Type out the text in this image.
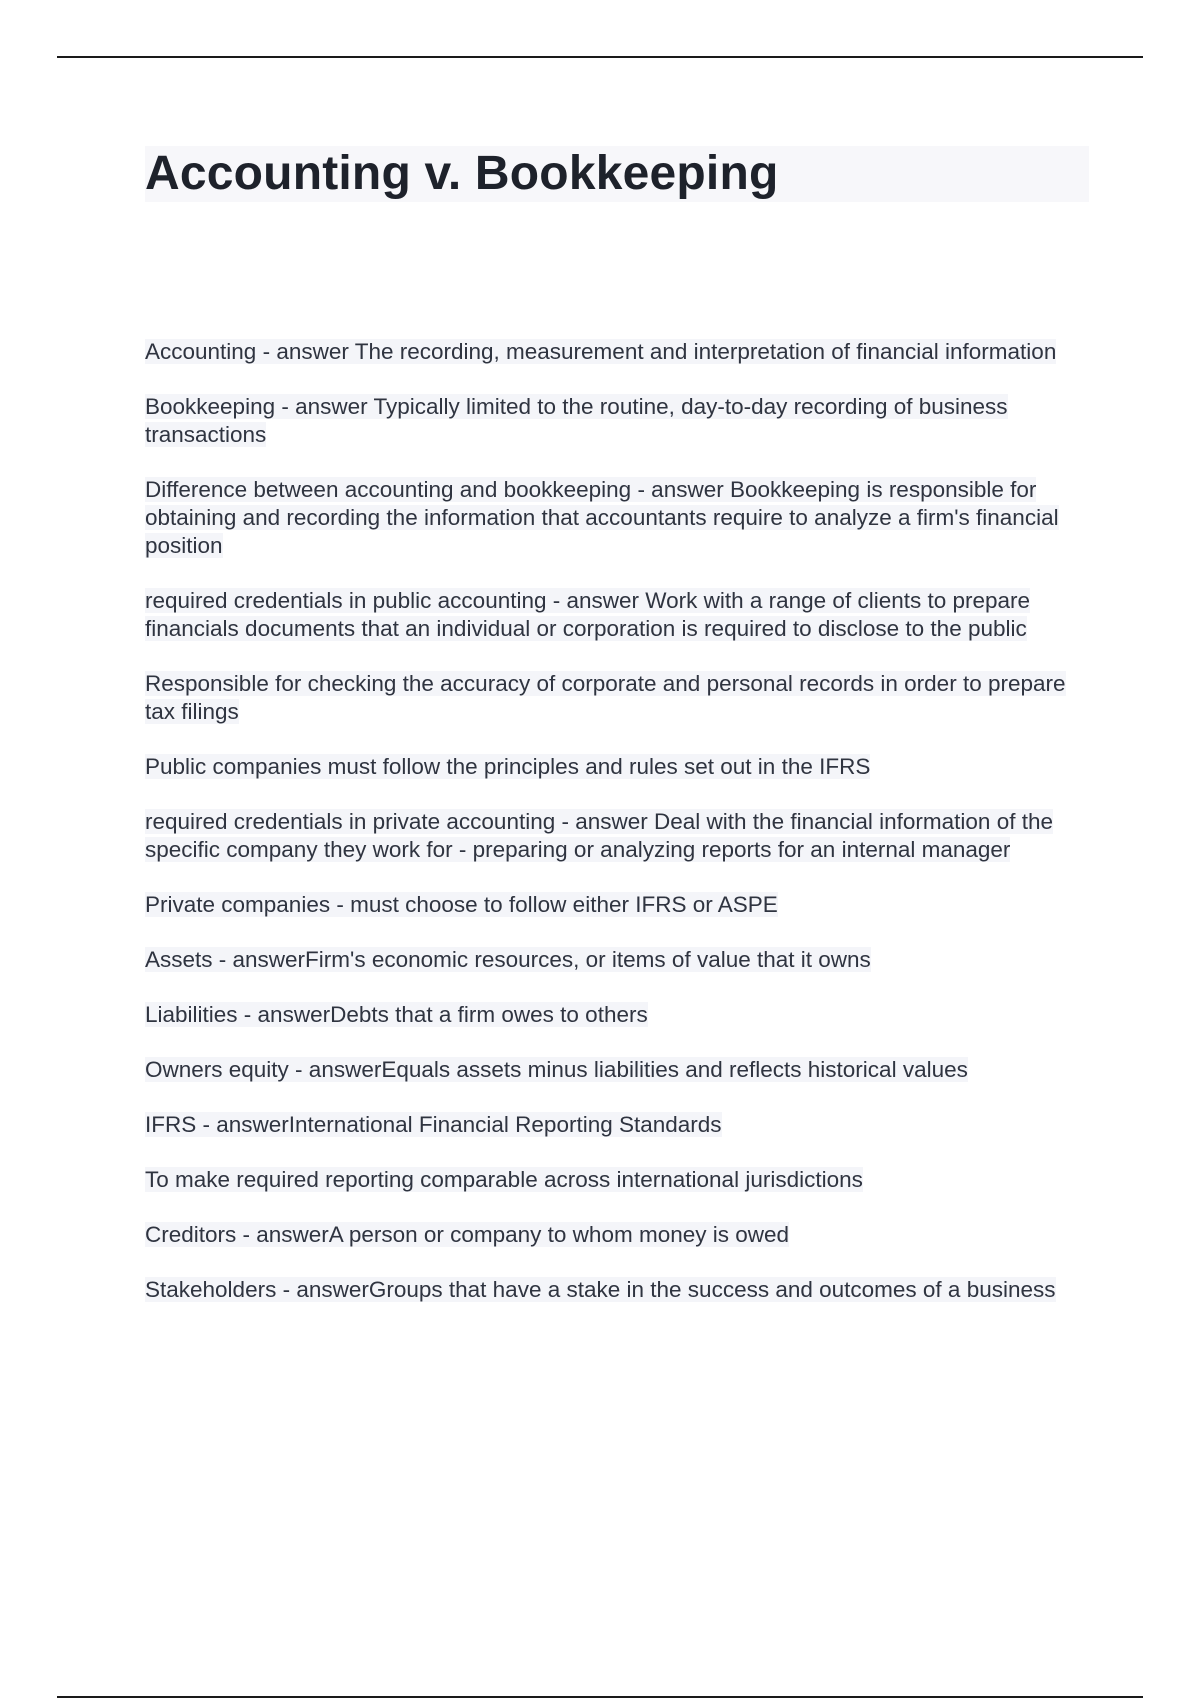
Accounting v. Bookkeeping
Accounting - answer The recording, measurement and interpretation of financial information
Bookkeeping - answer Typically limited to the routine, day-to-day recording of business transactions
Difference between accounting and bookkeeping - answer Bookkeeping is responsible for obtaining and recording the information that accountants require to analyze a firm's financial position
required credentials in public accounting - answer Work with a range of clients to prepare financials documents that an individual or corporation is required to disclose to the public
Responsible for checking the accuracy of corporate and personal records in order to prepare tax filings
Public companies must follow the principles and rules set out in the IFRS
required credentials in private accounting - answer Deal with the financial information of the specific company they work for - preparing or analyzing reports for an internal manager
Private companies - must choose to follow either IFRS or ASPE
Assets - answerFirm's economic resources, or items of value that it owns
Liabilities - answerDebts that a firm owes to others
Owners equity - answerEquals assets minus liabilities and reflects historical values
IFRS - answerInternational Financial Reporting Standards
To make required reporting comparable across international jurisdictions
Creditors - answerA person or company to whom money is owed
Stakeholders - answerGroups that have a stake in the success and outcomes of a business
